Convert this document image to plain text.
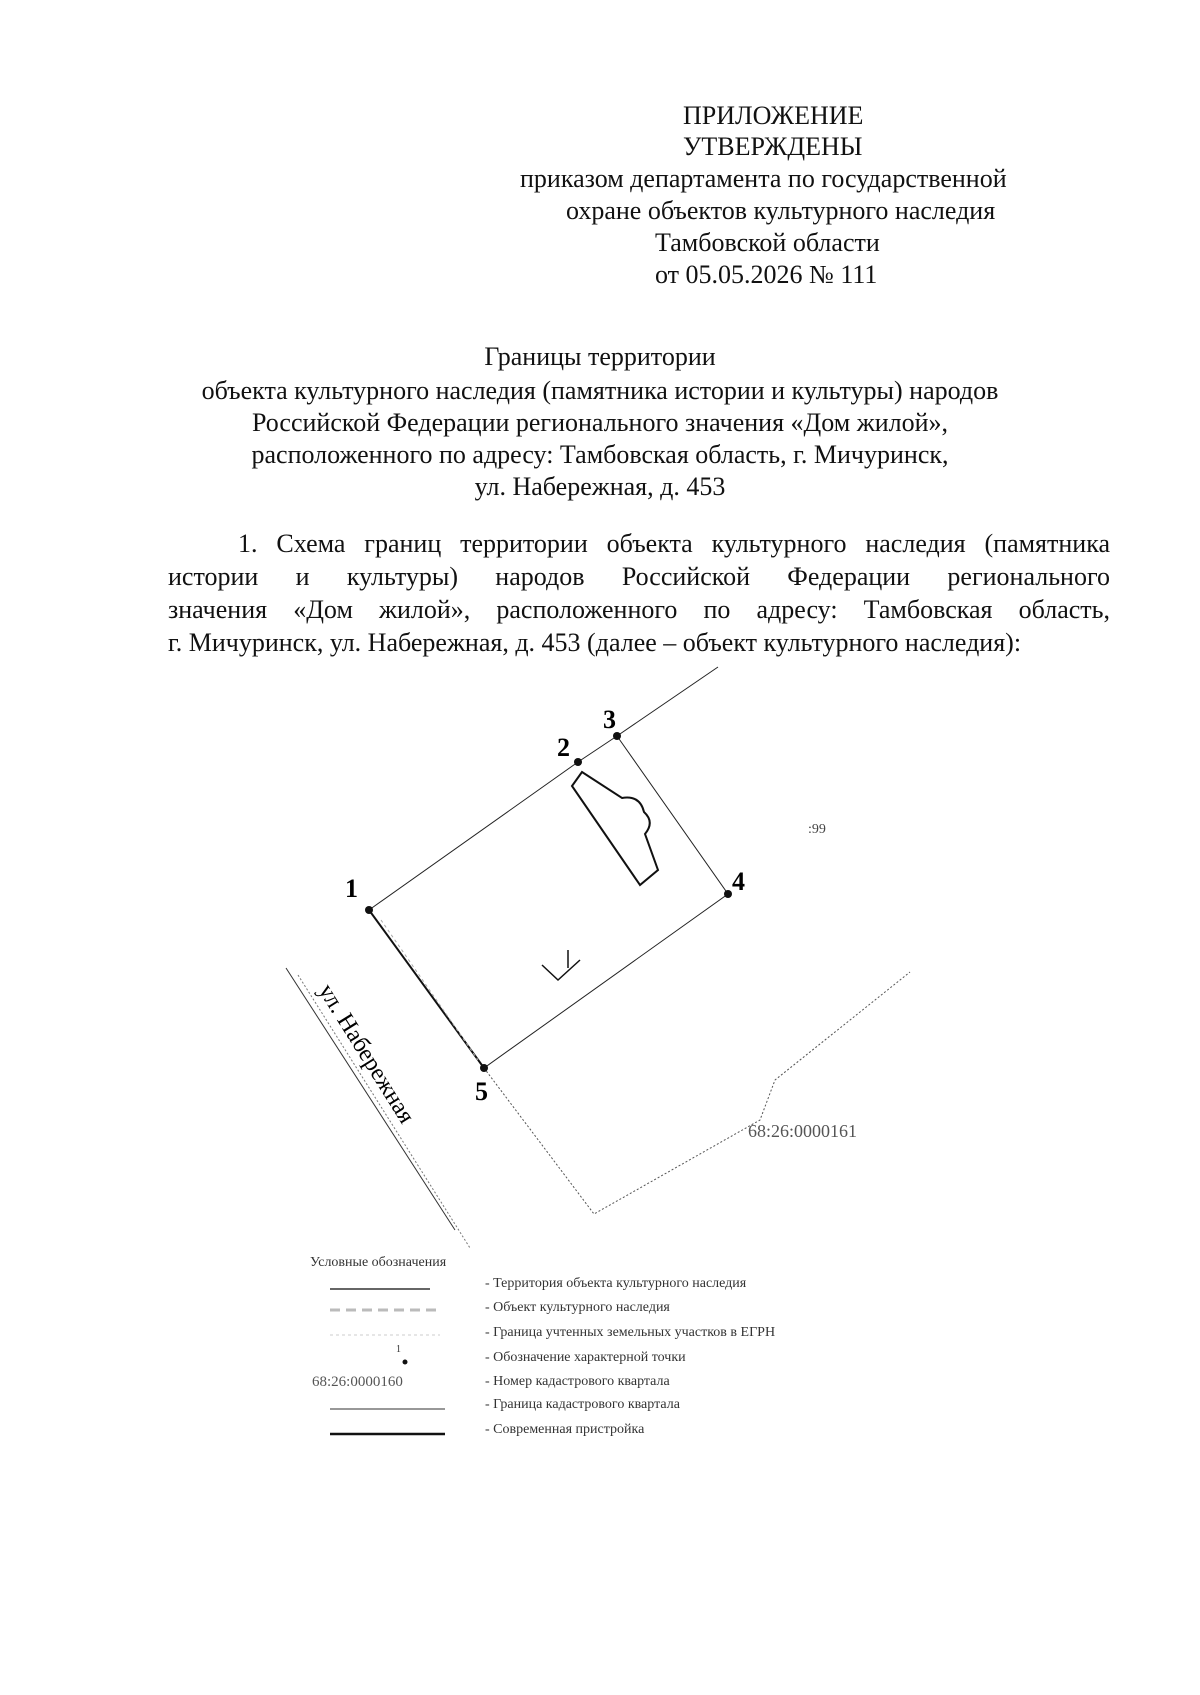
ПРИЛОЖЕНИЕ
УТВЕРЖДЕНЫ
приказом департамента по государственной
охране объектов культурного наследия
Тамбовской области
от 05.05.2026 № 111
Границы территории
объекта культурного наследия (памятника истории и культуры) народов
Российской Федерации регионального значения «Дом жилой»,
расположенного по адресу: Тамбовская область, г. Мичуринск,
ул. Набережная, д. 453
1. Схема границ территории объекта культурного наследия (памятника
истории и культуры) народов Российской Федерации регионального
значения «Дом жилой», расположенного по адресу: Тамбовская область,
г. Мичуринск, ул. Набережная, д. 453 (далее – объект культурного наследия):
1
2
3
4
5
ул. Набережная
68:26:0000161
:99
Условные обозначения
- Территория объекта культурного наследия
- Объект культурного наследия
- Граница учтенных земельных участков в ЕГРН
1
- Обозначение характерной точки
68:26:0000160	- Номер кадастрового квартала
- Граница кадастрового квартала
- Современная пристройка
